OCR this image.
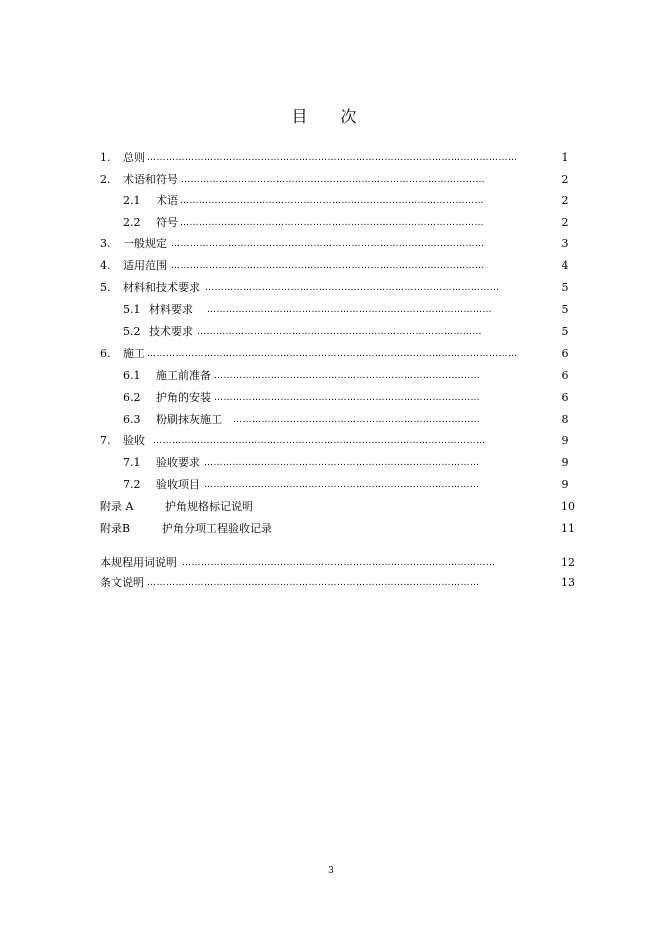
目 次
1. 总则 ………………………………………………………………………………………………………	1
2. 术语和符号 ……………………………………………………………………………………	2
2.1 术语 ……………………………………………………………………………………	2
2.2 符号 ……………………………………………………………………………………	2
3. 一般规定 ………………………………………………………………………………………	3
4. 适用范围 ………………………………………………………………………………………	4
5. 材料和技术要求 …………………………………………………………………………………	5
5.1 材料要求 ………………………………………………………………………………	5
5.2 技术要求 ………………………………………………………………………………	5
6. 施工 ………………………………………………………………………………………………………	6
6.1 施工前准备 …………………………………………………………………………	6
6.2 护角的安装 …………………………………………………………………………	6
6.3 粉刷抹灰施工 ……………………………………………………………………	8
7. 验收 ……………………………………………………………………………………………	9
7.1 验收要求 ……………………………………………………………………………	9
7.2 验收项目 ……………………………………………………………………………	9
附录 A	护角规格标记说明	10
附录B	护角分项工程验收记录	11
本规程用词说明 ………………………………………………………………………………………	12
条文说明 ……………………………………………………………………………………………	13
3
